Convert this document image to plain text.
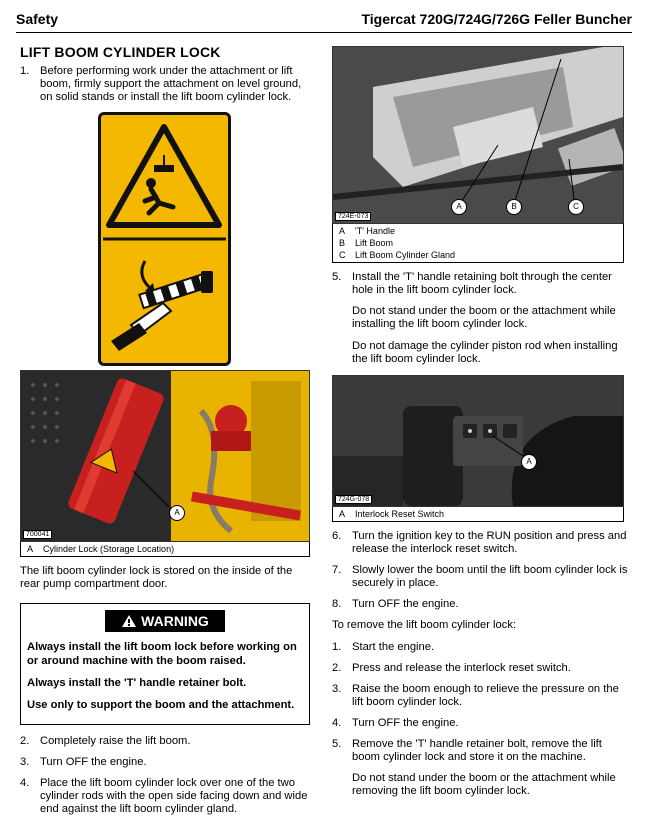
Safety	Tigercat 720G/724G/726G Feller Buncher
LIFT BOOM CYLINDER LOCK
1. Before performing work under the attachment or lift boom, firmly support the attachment on level ground, on solid stands or install the lift boom cylinder lock.
A
700041
A	Cylinder Lock (Storage Location)

The lift boom cylinder lock is stored on the inside of the rear pump compartment door.

WARNING

Always install the lift boom lock before working on or around machine with the boom raised.

Always install the 'T' handle retainer bolt.

Use only to support the boom and the attachment.

2. Completely raise the lift boom.
3. Turn OFF the engine.
4. Place the lift boom cylinder lock over one of the two cylinder rods with the open side facing down and wide end against the lift boom cylinder gland.
A	B	C
724E-073
A	'T' Handle
B	Lift Boom
C	Lift Boom Cylinder Gland
5. Install the 'T' handle retaining bolt through the center hole in the lift boom cylinder lock.

Do not stand under the boom or the attachment while installing the lift boom cylinder lock.

Do not damage the cylinder piston rod when installing the lift boom cylinder lock.

A
724G-078
A	Interlock Reset Switch
6. Turn the ignition key to the RUN position and press and release the interlock reset switch.
7. Slowly lower the boom until the lift boom cylinder lock is securely in place.
8. Turn OFF the engine.

To remove the lift boom cylinder lock:

1. Start the engine.
2. Press and release the interlock reset switch.
3. Raise the boom enough to relieve the pressure on the lift boom cylinder lock.
4. Turn OFF the engine.
5. Remove the 'T' handle retainer bolt, remove the lift boom cylinder lock and store it on the machine.

Do not stand under the boom or the attachment while removing the lift boom cylinder lock.
